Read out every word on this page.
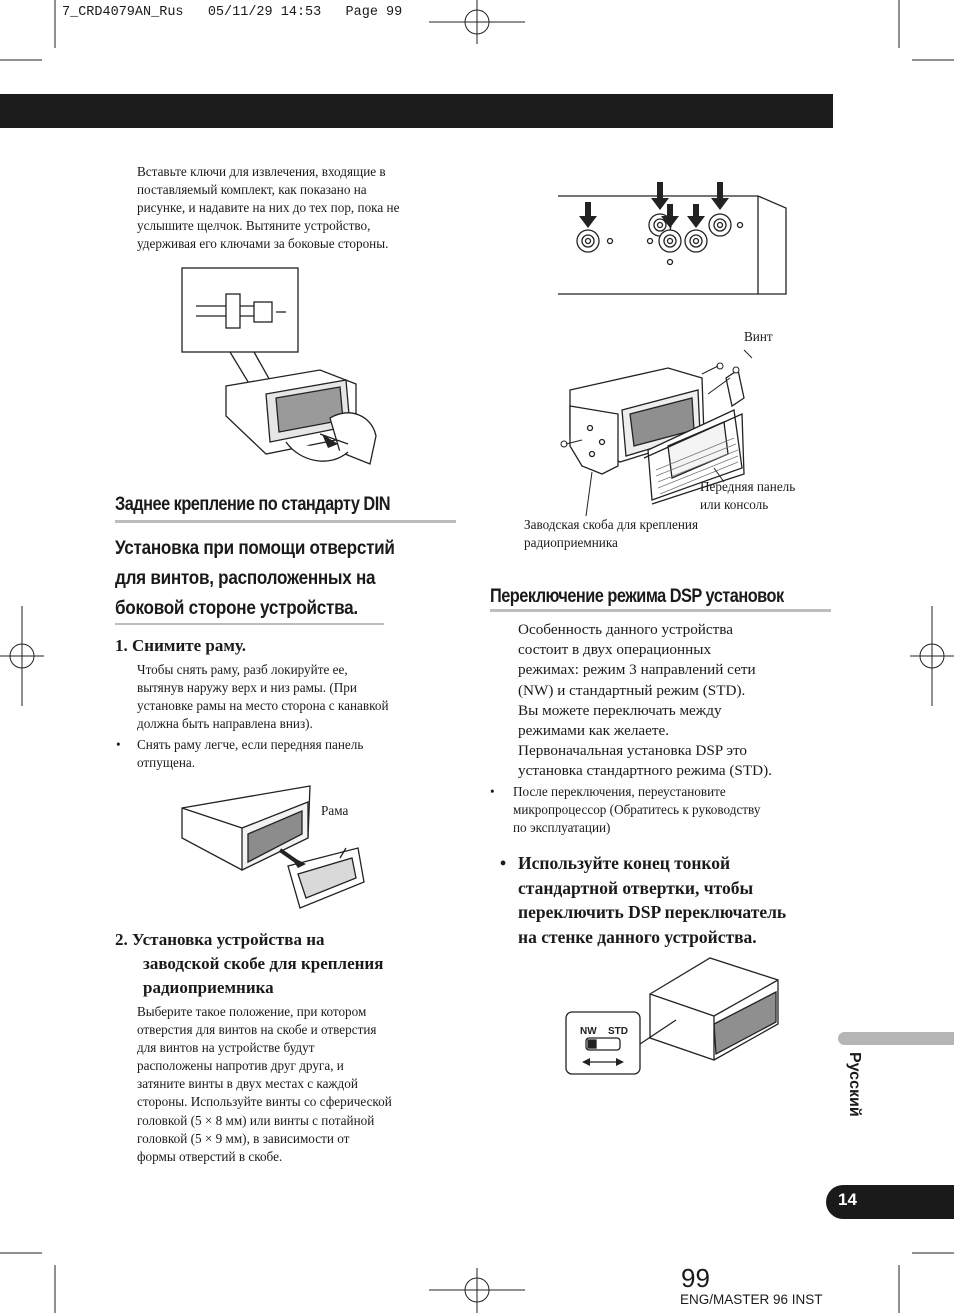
7_CRD4079AN_Rus   05/11/29 14:53   Page 99
Вставьте ключи для извлечения, входящие в
поставляемый комплект, как показано на
рисунке, и надавите на них до тех пор, пока не
услышите щелчок. Вытяните устройство,
удерживая его ключами за боковые стороны.
Заднее крепление по стандарту DIN
Установка при помощи отверстий
для винтов, расположенных на
боковой стороне устройства.
1. Снимите раму.
Чтобы снять раму, разб локируйте ее,
вытянув наружу верх и низ рамы. (При
установке рамы на место сторона с канавкой
должна быть направлена вниз).
• Снять раму легче, если передняя панель
отпущена.
Рама
2. Установка устройства на
заводской скобе для крепления
радиоприемника
Выберите такое положение, при котором
отверстия для винтов на скобе и отверстия
для винтов на устройстве будут
расположены напротив друг друга, и
затяните винты в двух местах с каждой
стороны. Используйте винты со сферической
головкой (5 × 8 мм) или винты с потайной
головкой (5 × 9 мм), в зависимости от
формы отверстий в скобе.
Винт
Передняя панель
или консоль
Заводская скоба для крепления
радиоприемника
Переключение режима DSP установок
Особенность данного устройства
состоит в двух операционных
режимах: режим 3 направлений сети
(NW) и стандартный режим (STD).
Вы можете переключать между
режимами как желаете.
Первоначальная установка DSP это
установка стандартного режима (STD).
• После переключения, переустановите
микропроцессор (Обратитесь к руководству
по эксплуатации)
• Используйте конец тонкой
стандартной отвертки, чтобы
переключить DSP переключатель
на стенке данного устройства.
NW STD
Русский
14
99
ENG/MASTER 96 INST
